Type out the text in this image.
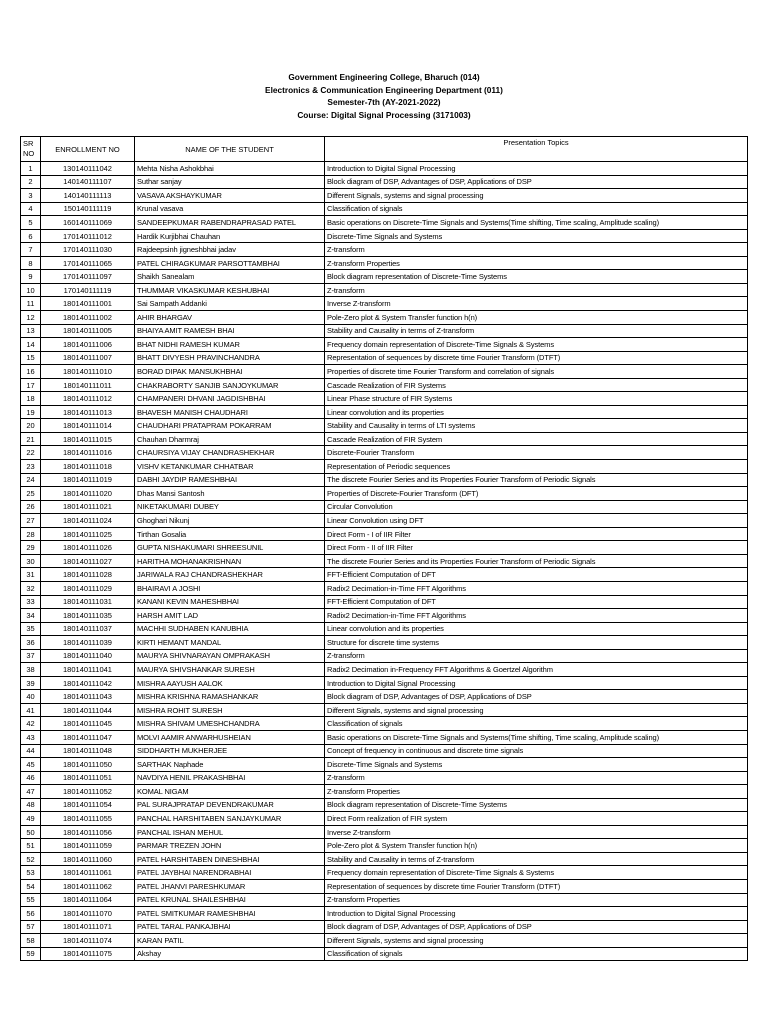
Government Engineering College, Bharuch (014)
Electronics & Communication Engineering Department (011)
Semester-7th (AY-2021-2022)
Course: Digital Signal Processing (3171003)
SR NO	ENROLLMENT NO	NAME OF THE STUDENT	Presentation Topics
1	130140111042	Mehta Nisha Ashokbhai	Introduction to Digital Signal Processing
2	140140111107	Suthar sanjay	Block diagram of DSP, Advantages of DSP, Applications of DSP
3	140140111113	VASAVA AKSHAYKUMAR	Different Signals, systems and signal processing
4	150140111119	Krunal vasava	Classification of signals
5	160140111069	SANDEEPKUMAR RABENDRAPRASAD PATEL	Basic operations on Discrete-Time Signals and Systems(Time shifting, Time scaling, Amplitude scaling)
6	170140111012	Hardik Kurjibhai Chauhan	Discrete-Time Signals and Systems
7	170140111030	Rajdeepsinh jigneshbhai jadav	Z-transform
8	170140111065	PATEL CHIRAGKUMAR PARSOTTAMBHAI	Z-transform Properties
9	170140111097	Shaikh Sanealam	Block diagram representation of Discrete-Time Systems
10	170140111119	THUMMAR VIKASKUMAR KESHUBHAI	Z-transform
11	180140111001	Sai Sampath Addanki	Inverse Z-transform
12	180140111002	AHIR BHARGAV	Pole-Zero plot & System Transfer function h(n)
13	180140111005	BHAIYA AMIT RAMESH BHAI	Stability and Causality in terms of Z-transform
14	180140111006	BHAT NIDHI RAMESH KUMAR	Frequency domain representation of Discrete-Time Signals & Systems
15	180140111007	BHATT DIVYESH PRAVINCHANDRA	Representation of sequences by discrete time Fourier Transform (DTFT)
16	180140111010	BORAD DIPAK MANSUKHBHAI	Properties of discrete time Fourier Transform and correlation of signals
17	180140111011	CHAKRABORTY SANJIB SANJOYKUMAR	Cascade Realization of FIR Systems
18	180140111012	CHAMPANERI DHVANI JAGDISHBHAI	Linear Phase structure of FIR Systems
19	180140111013	BHAVESH MANISH CHAUDHARI	Linear convolution and its properties
20	180140111014	CHAUDHARI PRATAPRAM POKARRAM	Stability and Causality in terms of LTI systems
21	180140111015	Chauhan Dharmraj	Cascade Realization of FIR System
22	180140111016	CHAURSIYA VIJAY CHANDRASHEKHAR	Discrete-Fourier Transform
23	180140111018	VISHV KETANKUMAR CHHATBAR	Representation of Periodic sequences
24	180140111019	DABHI JAYDIP RAMESHBHAI	The discrete Fourier Series and its Properties Fourier Transform of Periodic Signals
25	180140111020	Dhas Mansi Santosh	Properties of Discrete-Fourier Transform (DFT)
26	180140111021	NIKETAKUMARI DUBEY	Circular Convolution
27	180140111024	Ghoghari Nikunj	Linear Convolution using DFT
28	180140111025	Tirthan Gosalia	Direct Form - I of IIR Filter
29	180140111026	GUPTA NISHAKUMARI SHREESUNIL	Direct Form - II of IIR Filter
30	180140111027	HARITHA MOHANAKRISHNAN	The discrete Fourier Series and its Properties Fourier Transform of Periodic Signals
31	180140111028	JARIWALA RAJ CHANDRASHEKHAR	FFT-Efficient Computation of DFT
32	180140111029	BHAIRAVI A JOSHI	Radix2 Decimation-in-Time FFT Algorithms
33	180140111031	KANANI KEVIN MAHESHBHAI	FFT-Efficient Computation of DFT
34	180140111035	HARSH AMIT LAD	Radix2 Decimation-in-Time FFT Algorithms
35	180140111037	MACHHI SUDHABEN KANUBHIA	Linear convolution and its properties
36	180140111039	KIRTI HEMANT MANDAL	Structure for discrete time systems
37	180140111040	MAURYA SHIVNARAYAN OMPRAKASH	Z-transform
38	180140111041	MAURYA SHIVSHANKAR SURESH	Radix2 Decimation in-Frequency FFT Algorithms & Goertzel Algorithm
39	180140111042	MISHRA AAYUSH AALOK	Introduction to Digital Signal Processing
40	180140111043	MISHRA KRISHNA RAMASHANKAR	Block diagram of DSP, Advantages of DSP, Applications of DSP
41	180140111044	MISHRA ROHIT SURESH	Different Signals, systems and signal processing
42	180140111045	MISHRA SHIVAM UMESHCHANDRA	Classification of signals
43	180140111047	MOLVI AAMIR ANWARHUSHEIAN	Basic operations on Discrete-Time Signals and Systems(Time shifting, Time scaling, Amplitude scaling)
44	180140111048	SIDDHARTH MUKHERJEE	Concept of frequency in continuous and discrete time signals
45	180140111050	SARTHAK Naphade	Discrete-Time Signals and Systems
46	180140111051	NAVDIYA HENIL PRAKASHBHAI	Z-transform
47	180140111052	KOMAL NIGAM	Z-transform Properties
48	180140111054	PAL SURAJPRATAP DEVENDRAKUMAR	Block diagram representation of Discrete-Time Systems
49	180140111055	PANCHAL HARSHITABEN SANJAYKUMAR	Direct Form realization of FIR system
50	180140111056	PANCHAL ISHAN MEHUL	Inverse Z-transform
51	180140111059	PARMAR TREZEN JOHN	Pole-Zero plot & System Transfer function h(n)
52	180140111060	PATEL HARSHITABEN DINESHBHAI	Stability and Causality in terms of Z-transform
53	180140111061	PATEL JAYBHAI NARENDRABHAI	Frequency domain representation of Discrete-Time Signals & Systems
54	180140111062	PATEL JHANVI PARESHKUMAR	Representation of sequences by discrete time Fourier Transform (DTFT)
55	180140111064	PATEL KRUNAL SHAILESHBHAI	Z-transform Properties
56	180140111070	PATEL SMITKUMAR RAMESHBHAI	Introduction to Digital Signal Processing
57	180140111071	PATEL TARAL PANKAJBHAI	Block diagram of DSP, Advantages of DSP, Applications of DSP
58	180140111074	KARAN PATIL	Different Signals, systems and signal processing
59	180140111075	Akshay	Classification of signals
